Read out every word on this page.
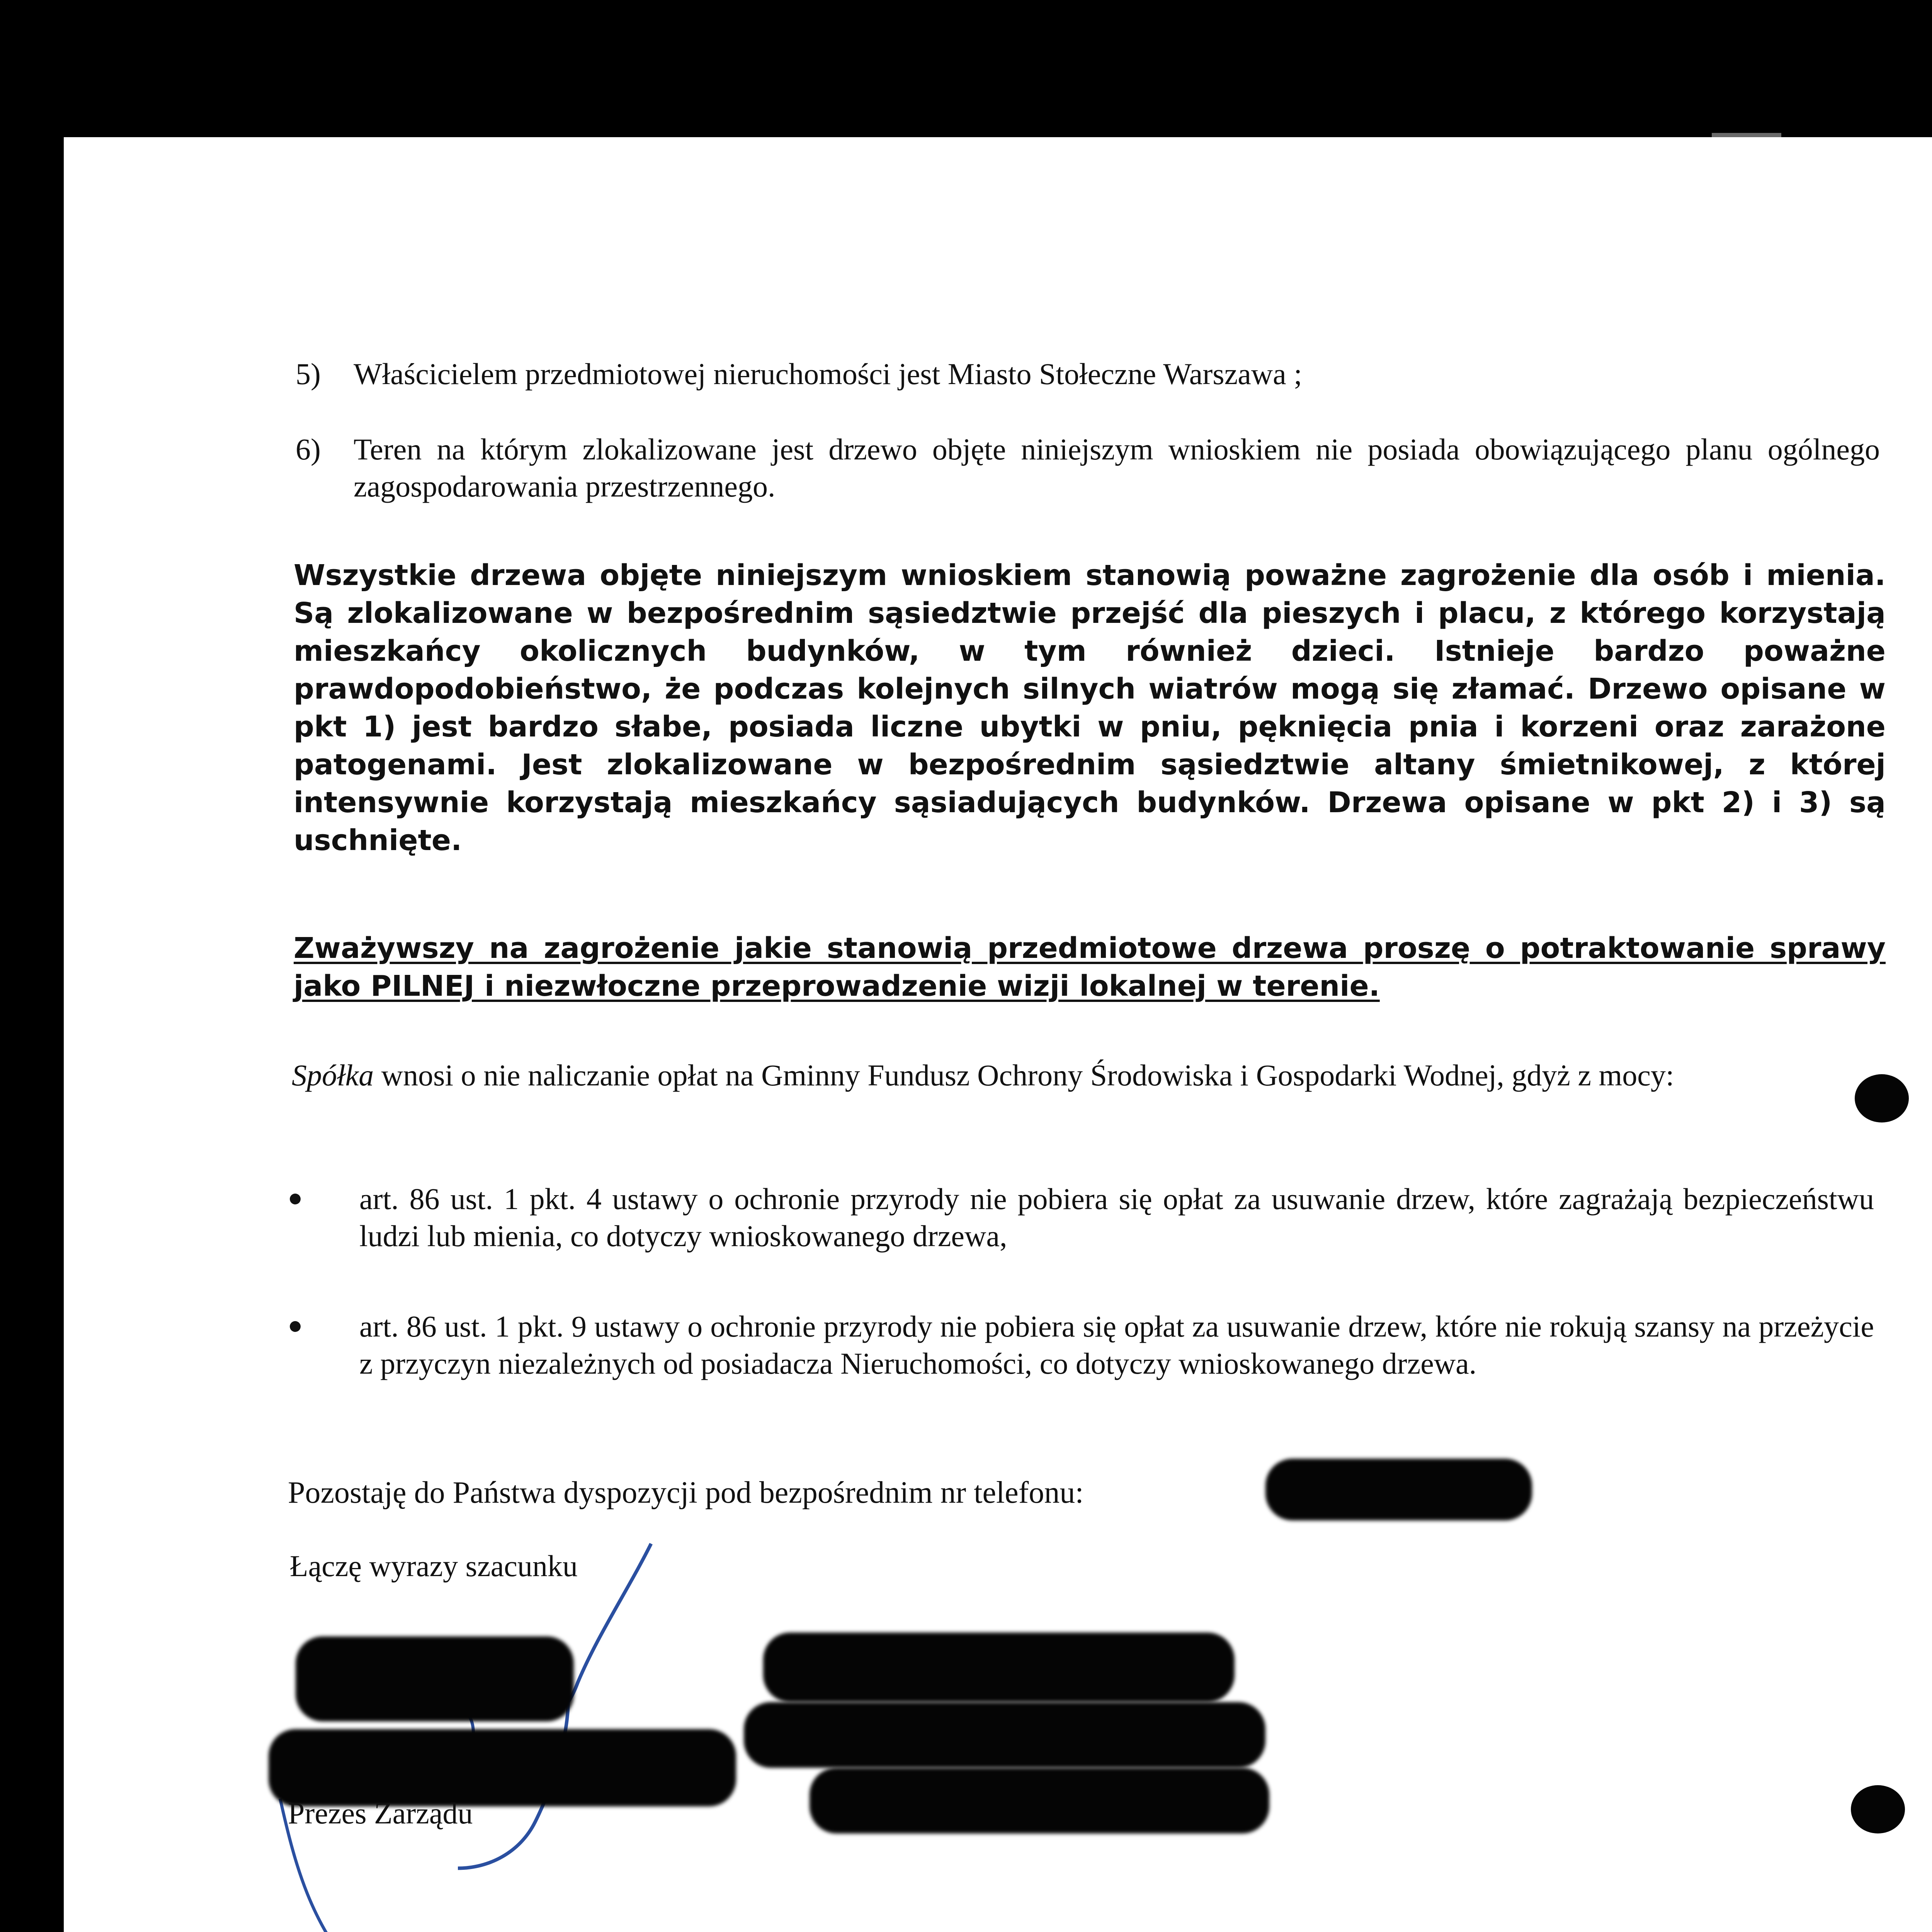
5) Właścicielem przedmiotowej nieruchomości jest Miasto Stołeczne Warszawa ;
6) Teren na którym zlokalizowane jest drzewo objęte niniejszym wnioskiem nie posiada obowiązującego planu ogólnego zagospodarowania przestrzennego.
Wszystkie drzewa objęte niniejszym wnioskiem stanowią poważne zagrożenie dla osób i mienia. Są zlokalizowane w bezpośrednim sąsiedztwie przejść dla pieszych i placu, z którego korzystają mieszkańcy okolicznych budynków, w tym również dzieci. Istnieje bardzo poważne prawdopodobieństwo, że podczas kolejnych silnych wiatrów mogą się złamać. Drzewo opisane w pkt 1) jest bardzo słabe, posiada liczne ubytki w pniu, pęknięcia pnia i korzeni oraz zarażone patogenami. Jest zlokalizowane w bezpośrednim sąsiedztwie altany śmietnikowej, z której intensywnie korzystają mieszkańcy sąsiadujących budynków. Drzewa opisane w pkt 2) i 3) są uschnięte.
Zważywszy na zagrożenie jakie stanowią przedmiotowe drzewa proszę o potraktowanie sprawy jako PILNEJ i niezwłoczne przeprowadzenie wizji lokalnej w terenie.
Spółka wnosi o nie naliczanie opłat na Gminny Fundusz Ochrony Środowiska i Gospodarki Wodnej, gdyż z mocy:
art. 86 ust. 1 pkt. 4 ustawy o ochronie przyrody nie pobiera się opłat za usuwanie drzew, które zagrażają bezpieczeństwu ludzi lub mienia, co dotyczy wnioskowanego drzewa,
art. 86 ust. 1 pkt. 9 ustawy o ochronie przyrody nie pobiera się opłat za usuwanie drzew, które nie rokują szansy na przeżycie z przyczyn niezależnych od posiadacza Nieruchomości, co dotyczy wnioskowanego drzewa.
Pozostaję do Państwa dyspozycji pod bezpośrednim nr telefonu:
Łączę wyrazy szacunku
Prezes Zarządu
